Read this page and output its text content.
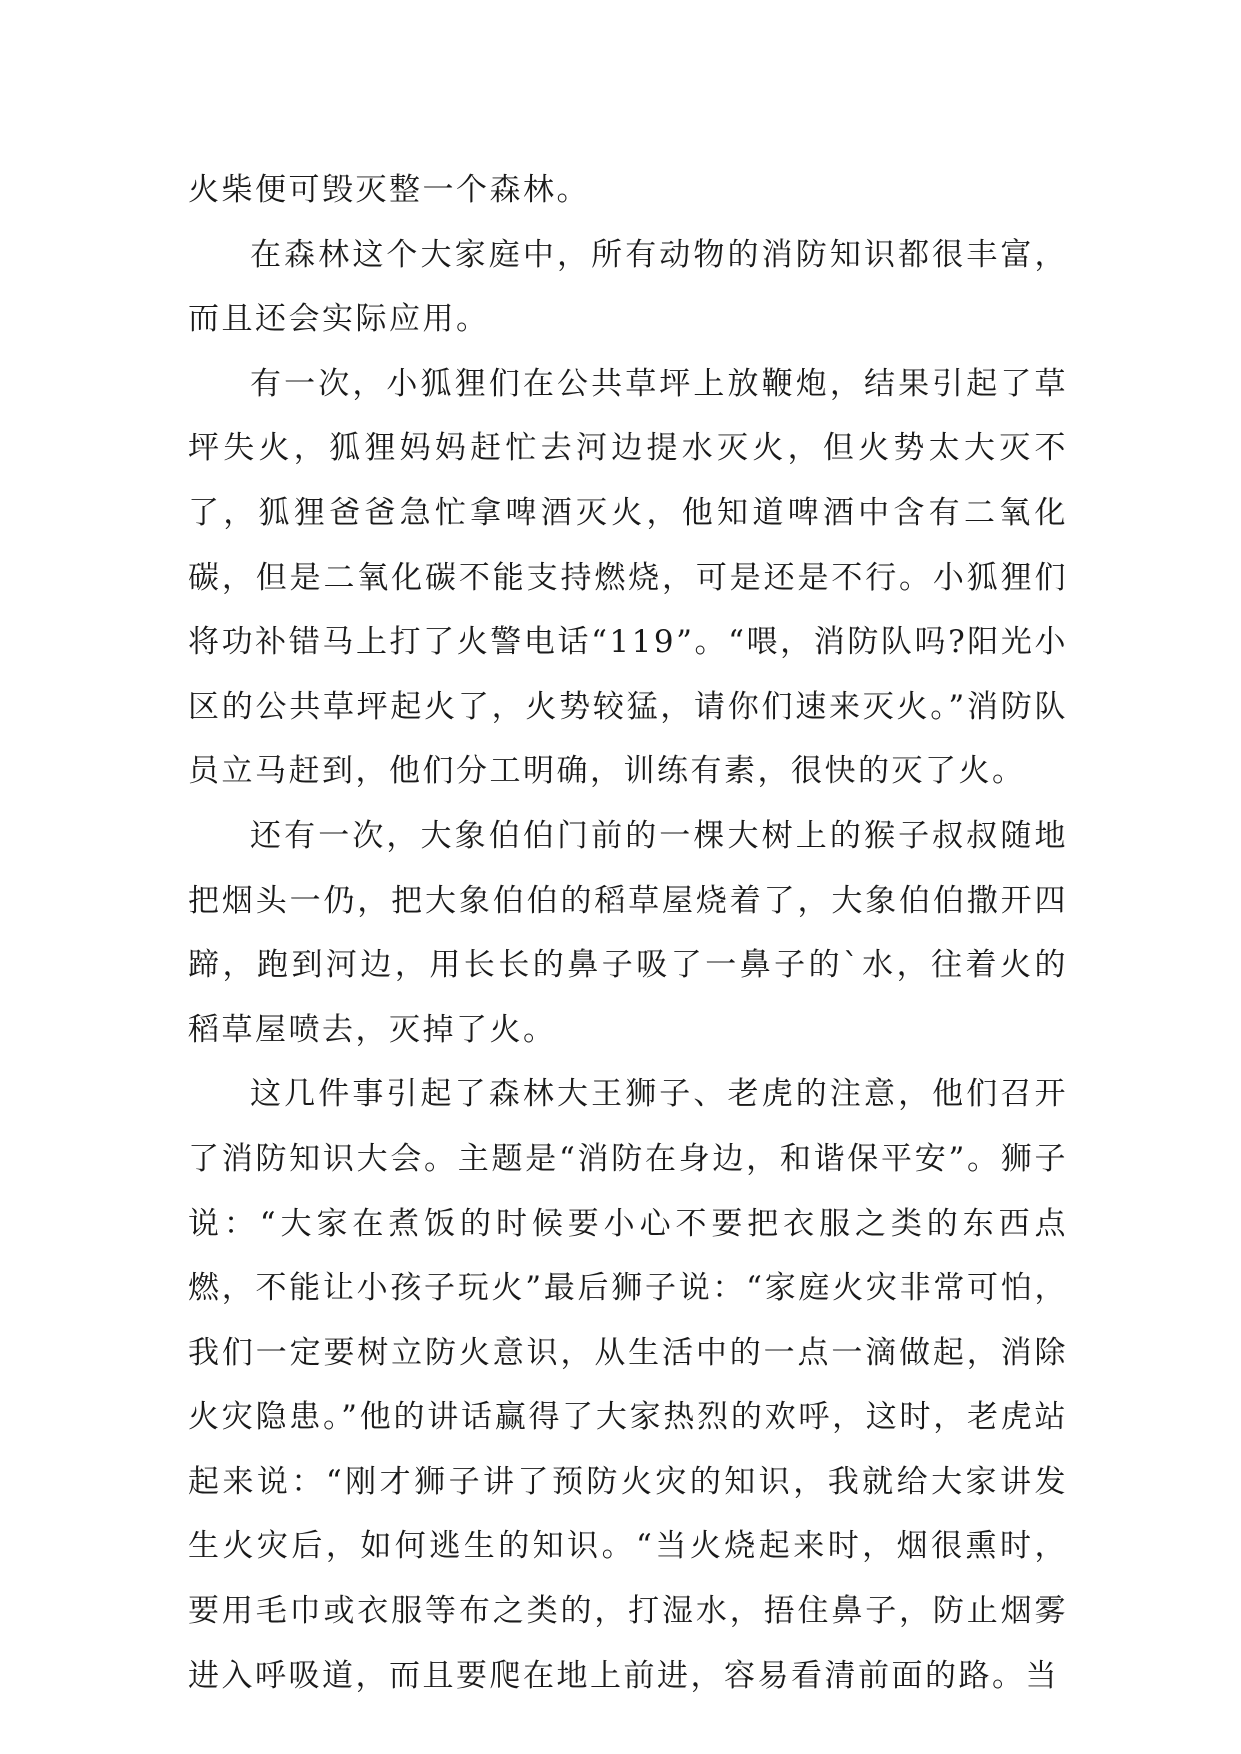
火柴便可毁灭整一个森林。

在森林这个大家庭中，所有动物的消防知识都很丰富，而且还会实际应用。

有一次，小狐狸们在公共草坪上放鞭炮，结果引起了草坪失火，狐狸妈妈赶忙去河边提水灭火，但火势太大灭不了，狐狸爸爸急忙拿啤酒灭火，他知道啤酒中含有二氧化碳，但是二氧化碳不能支持燃烧，可是还是不行。小狐狸们将功补错马上打了火警电话“119”。“喂，消防队吗?阳光小区的公共草坪起火了，火势较猛，请你们速来灭火。”消防队员立马赶到，他们分工明确，训练有素，很快的灭了火。

还有一次，大象伯伯门前的一棵大树上的猴子叔叔随地把烟头一仍，把大象伯伯的稻草屋烧着了，大象伯伯撒开四蹄，跑到河边，用长长的鼻子吸了一鼻子的`水，往着火的稻草屋喷去，灭掉了火。

这几件事引起了森林大王狮子、老虎的注意，他们召开了消防知识大会。主题是“消防在身边，和谐保平安”。狮子说：“大家在煮饭的时候要小心不要把衣服之类的东西点燃，不能让小孩子玩火”最后狮子说：“家庭火灾非常可怕，我们一定要树立防火意识，从生活中的一点一滴做起，消除火灾隐患。”他的讲话赢得了大家热烈的欢呼，这时，老虎站起来说：“刚才狮子讲了预防火灾的知识，我就给大家讲发生火灾后，如何逃生的知识。“当火烧起来时，烟很熏时，要用毛巾或衣服等布之类的，打湿水，捂住鼻子，防止烟雾进入呼吸道，而且要爬在地上前进，容易看清前面的路。当
